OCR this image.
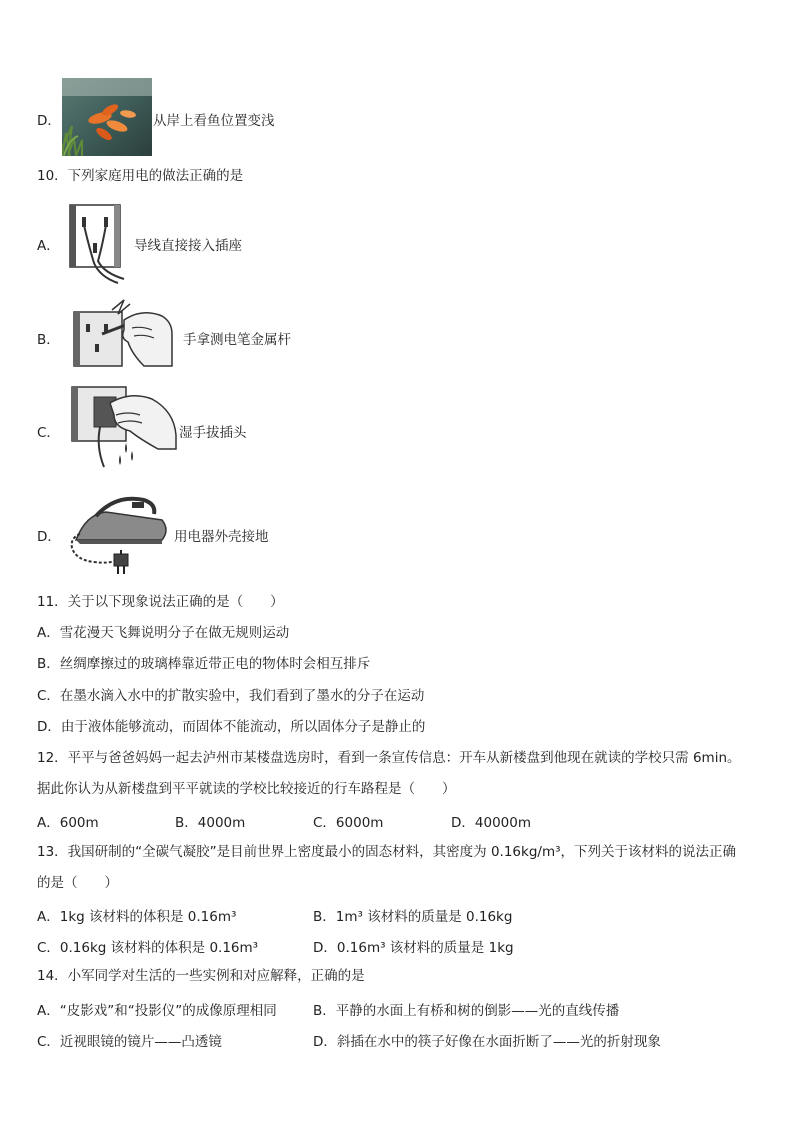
D．	从岸上看鱼位置变浅
10．下列家庭用电的做法正确的是
A．	导线直接接入插座
B．	手拿测电笔金属杆
C．	湿手拔插头
D．	用电器外壳接地
11．关于以下现象说法正确的是（　　）
A．雪花漫天飞舞说明分子在做无规则运动
B．丝绸摩擦过的玻璃棒靠近带正电的物体时会相互排斥
C．在墨水滴入水中的扩散实验中，我们看到了墨水的分子在运动
D．由于液体能够流动，而固体不能流动，所以固体分子是静止的
12．平平与爸爸妈妈一起去泸州市某楼盘选房时，看到一条宣传信息：开车从新楼盘到他现在就读的学校只需 6min。
据此你认为从新楼盘到平平就读的学校比较接近的行车路程是（　　）
A．600m	B．4000m	C．6000m	D．40000m
13．我国研制的“全碳气凝胶”是目前世界上密度最小的固态材料，其密度为 0.16kg/m³，下列关于该材料的说法正确
的是（　　）
A．1kg 该材料的体积是 0.16m³	B．1m³ 该材料的质量是 0.16kg
C．0.16kg 该材料的体积是 0.16m³	D．0.16m³ 该材料的质量是 1kg
14．小军同学对生活的一些实例和对应解释，正确的是
A．“皮影戏”和“投影仪”的成像原理相同	B．平静的水面上有桥和树的倒影——光的直线传播
C．近视眼镜的镜片——凸透镜	D．斜插在水中的筷子好像在水面折断了——光的折射现象
